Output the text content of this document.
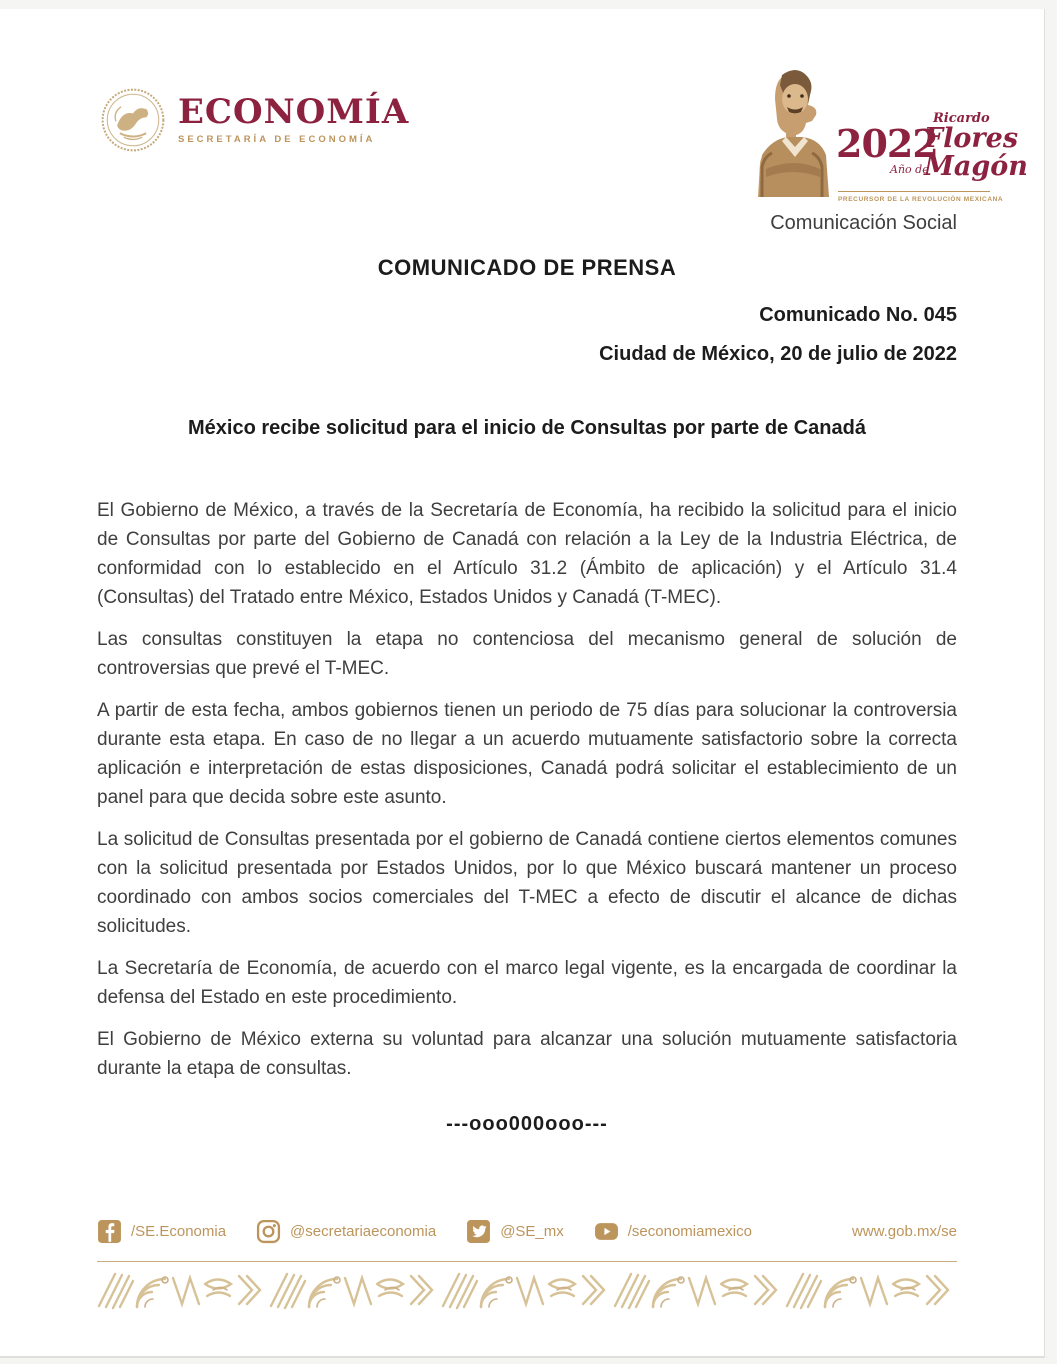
ECONOMÍA
SECRETARÍA DE ECONOMÍA	2022
Ricardo
Flores
Año de
Magón
PRECURSOR DE LA REVOLUCIÓN MEXICANA
Comunicación Social
COMUNICADO DE PRENSA
Comunicado No. 045
Ciudad de México, 20 de julio de 2022
México recibe solicitud para el inicio de Consultas por parte de Canadá

El Gobierno de México, a través de la Secretaría de Economía, ha recibido la solicitud para el inicio de Consultas por parte del Gobierno de Canadá con relación a la Ley de la Industria Eléctrica, de conformidad con lo establecido en el Artículo 31.2 (Ámbito de aplicación) y el Artículo 31.4 (Consultas) del Tratado entre México, Estados Unidos y Canadá (T-MEC).

Las consultas constituyen la etapa no contenciosa del mecanismo general de solución de controversias que prevé el T-MEC.

A partir de esta fecha, ambos gobiernos tienen un periodo de 75 días para solucionar la controversia durante esta etapa. En caso de no llegar a un acuerdo mutuamente satisfactorio sobre la correcta aplicación e interpretación de estas disposiciones, Canadá podrá solicitar el establecimiento de un panel para que decida sobre este asunto.

La solicitud de Consultas presentada por el gobierno de Canadá contiene ciertos elementos comunes con la solicitud presentada por Estados Unidos, por lo que México buscará mantener un proceso coordinado con ambos socios comerciales del T-MEC a efecto de discutir el alcance de dichas solicitudes.

La Secretaría de Economía, de acuerdo con el marco legal vigente, es la encargada de coordinar la defensa del Estado en este procedimiento.

El Gobierno de México externa su voluntad para alcanzar una solución mutuamente satisfactoria durante la etapa de consultas.

---ooo000ooo---
/SE.Economia	@secretariaeconomia	@SE_mx	/seconomiamexico	www.gob.mx/se
